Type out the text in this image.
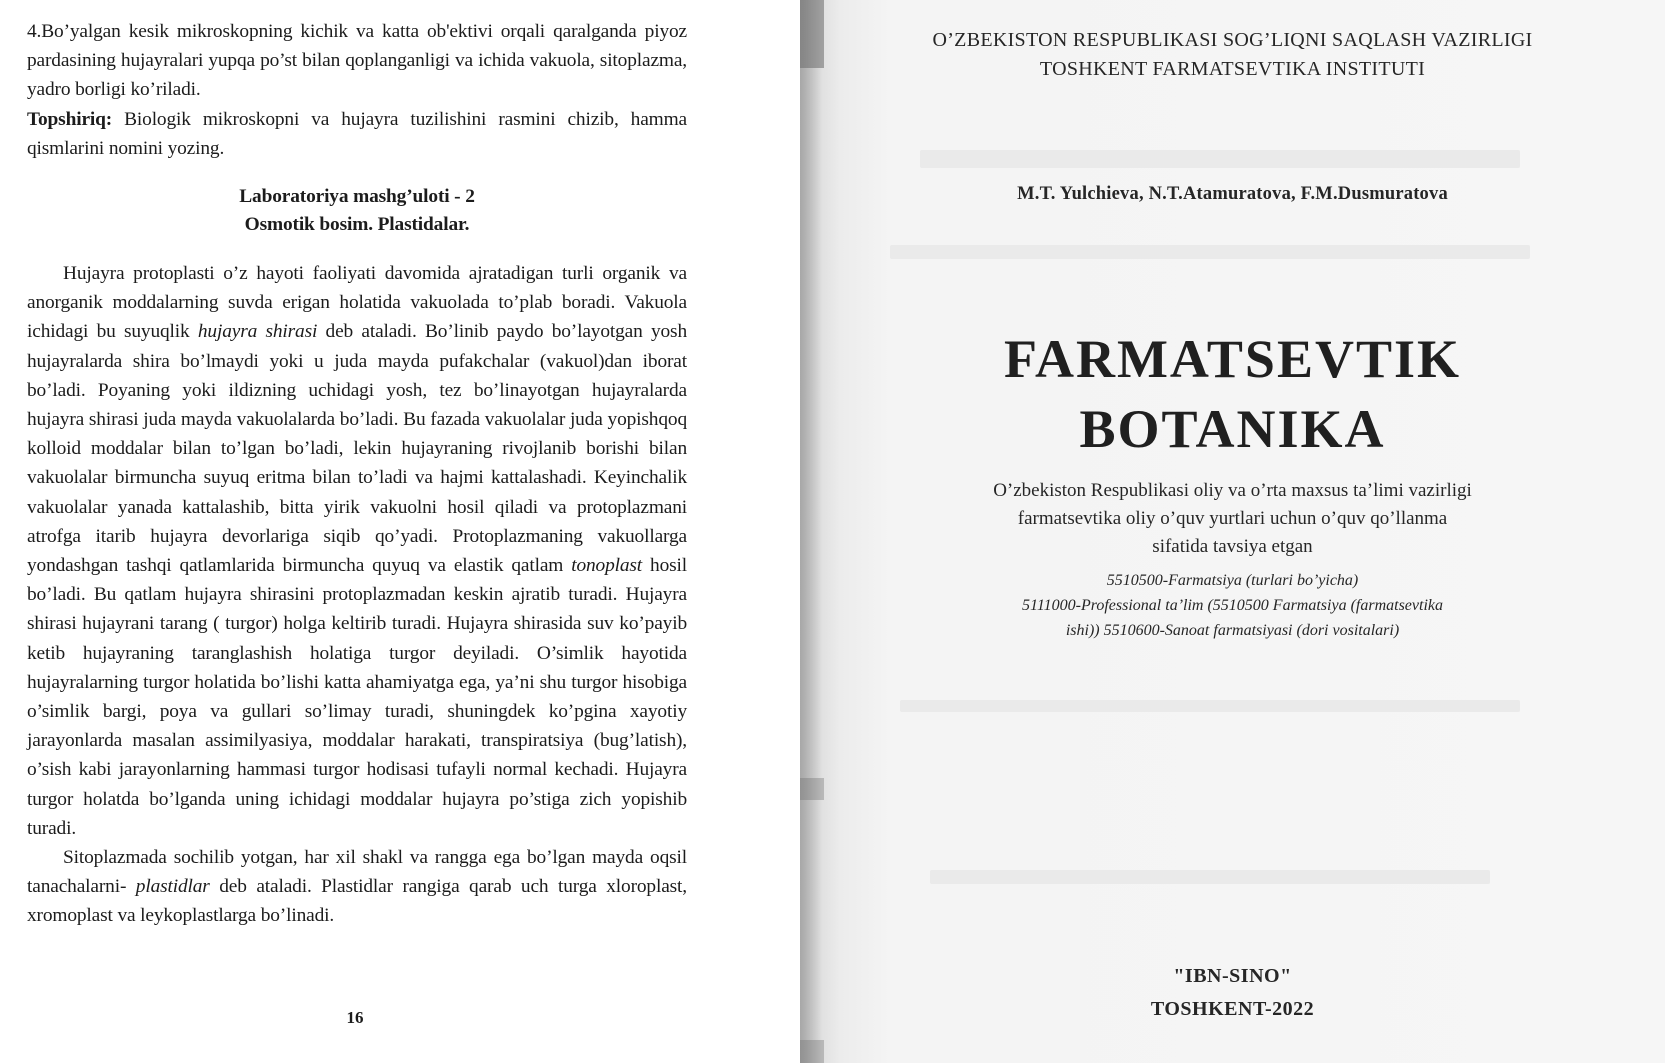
4.Bo’yalgan kesik mikroskopning kichik va katta ob'ektivi orqali qaralganda piyoz pardasining hujayralari yupqa po’st bilan qoplanganligi va ichida vakuola, sitoplazma, yadro borligi ko’riladi.

Topshiriq: Biologik mikroskopni va hujayra tuzilishini rasmini chizib, hamma qismlarini nomini yozing.

Laboratoriya mashg’uloti - 2
Osmotik bosim. Plastidalar.

Hujayra protoplasti o’z hayoti faoliyati davomida ajratadigan turli organik va anorganik moddalarning suvda erigan holatida vakuolada to’plab boradi. Vakuola ichidagi bu suyuqlik hujayra shirasi deb ataladi. Bo’linib paydo bo’layotgan yosh hujayralarda shira bo’lmaydi yoki u juda mayda pufakchalar (vakuol)dan iborat bo’ladi. Poyaning yoki ildizning uchidagi yosh, tez bo’linayotgan hujayralarda hujayra shirasi juda mayda vakuolalarda bo’ladi. Bu fazada vakuolalar juda yopishqoq kolloid moddalar bilan to’lgan bo’ladi, lekin hujayraning rivojlanib borishi bilan vakuolalar birmuncha suyuq eritma bilan to’ladi va hajmi kattalashadi. Keyinchalik vakuolalar yanada kattalashib, bitta yirik vakuolni hosil qiladi va protoplazmani atrofga itarib hujayra devorlariga siqib qo’yadi. Protoplazmaning vakuollarga yondashgan tashqi qatlamlarida birmuncha quyuq va elastik qatlam tonoplast hosil bo’ladi. Bu qatlam hujayra shirasini protoplazmadan keskin ajratib turadi. Hujayra shirasi hujayrani tarang ( turgor) holga keltirib turadi. Hujayra shirasida suv ko’payib ketib hujayraning taranglashish holatiga turgor deyiladi. O’simlik hayotida hujayralarning turgor holatida bo’lishi katta ahamiyatga ega, ya’ni shu turgor hisobiga o’simlik bargi, poya va gullari so’limay turadi, shuningdek ko’pgina xayotiy jarayonlarda masalan assimilyasiya, moddalar harakati, transpiratsiya (bug’latish), o’sish kabi jarayonlarning hammasi turgor hodisasi tufayli normal kechadi. Hujayra turgor holatda bo’lganda uning ichidagi moddalar hujayra po’stiga zich yopishib turadi.

Sitoplazmada sochilib yotgan, har xil shakl va rangga ega bo’lgan mayda oqsil tanachalarni- plastidlar deb ataladi. Plastidlar rangiga qarab uch turga xloroplast, xromoplast va leykoplastlarga bo’linadi.

16
O’ZBEKISTON RESPUBLIKASI SOG’LIQNI SAQLASH VAZIRLIGI
TOSHKENT FARMATSEVTIKA INSTITUTI
M.T. Yulchieva, N.T.Atamuratova, F.M.Dusmuratova
FARMATSEVTIK
BOTANIKA
O’zbekiston Respublikasi oliy va o’rta maxsus ta’limi vazirligi
farmatsevtika oliy o’quv yurtlari uchun o’quv qo’llanma
sifatida tavsiya etgan
5510500-Farmatsiya (turlari bo’yicha)
5111000-Professional ta’lim (5510500 Farmatsiya (farmatsevtika
ishi)) 5510600-Sanoat farmatsiyasi (dori vositalari)
"IBN-SINO"
TOSHKENT-2022
